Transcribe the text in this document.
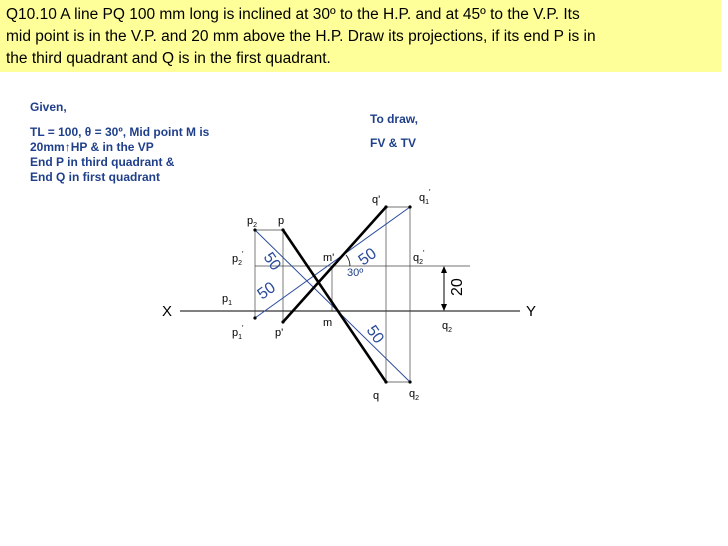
Q10.10 A line PQ 100 mm long is inclined at 30º to the H.P. and at 45º to the V.P. Its
mid point is in the V.P. and 20 mm above the H.P. Draw its projections, if its end P is in
the third quadrant and Q is in the first quadrant.
Given,
TL = 100, θ = 30º, Mid point M is
20mm↑HP & in the VP
End P in third quadrant &
End Q in first quadrant
To draw,
FV & TV
X	Y
$p_2$ p
$p_2'$
$p_1$
$p_1'$	p'
m'
m
q'	$q_1'$
$q_2'$
$q_2$
q	$q_2$
30º
20
50
50
50
50
